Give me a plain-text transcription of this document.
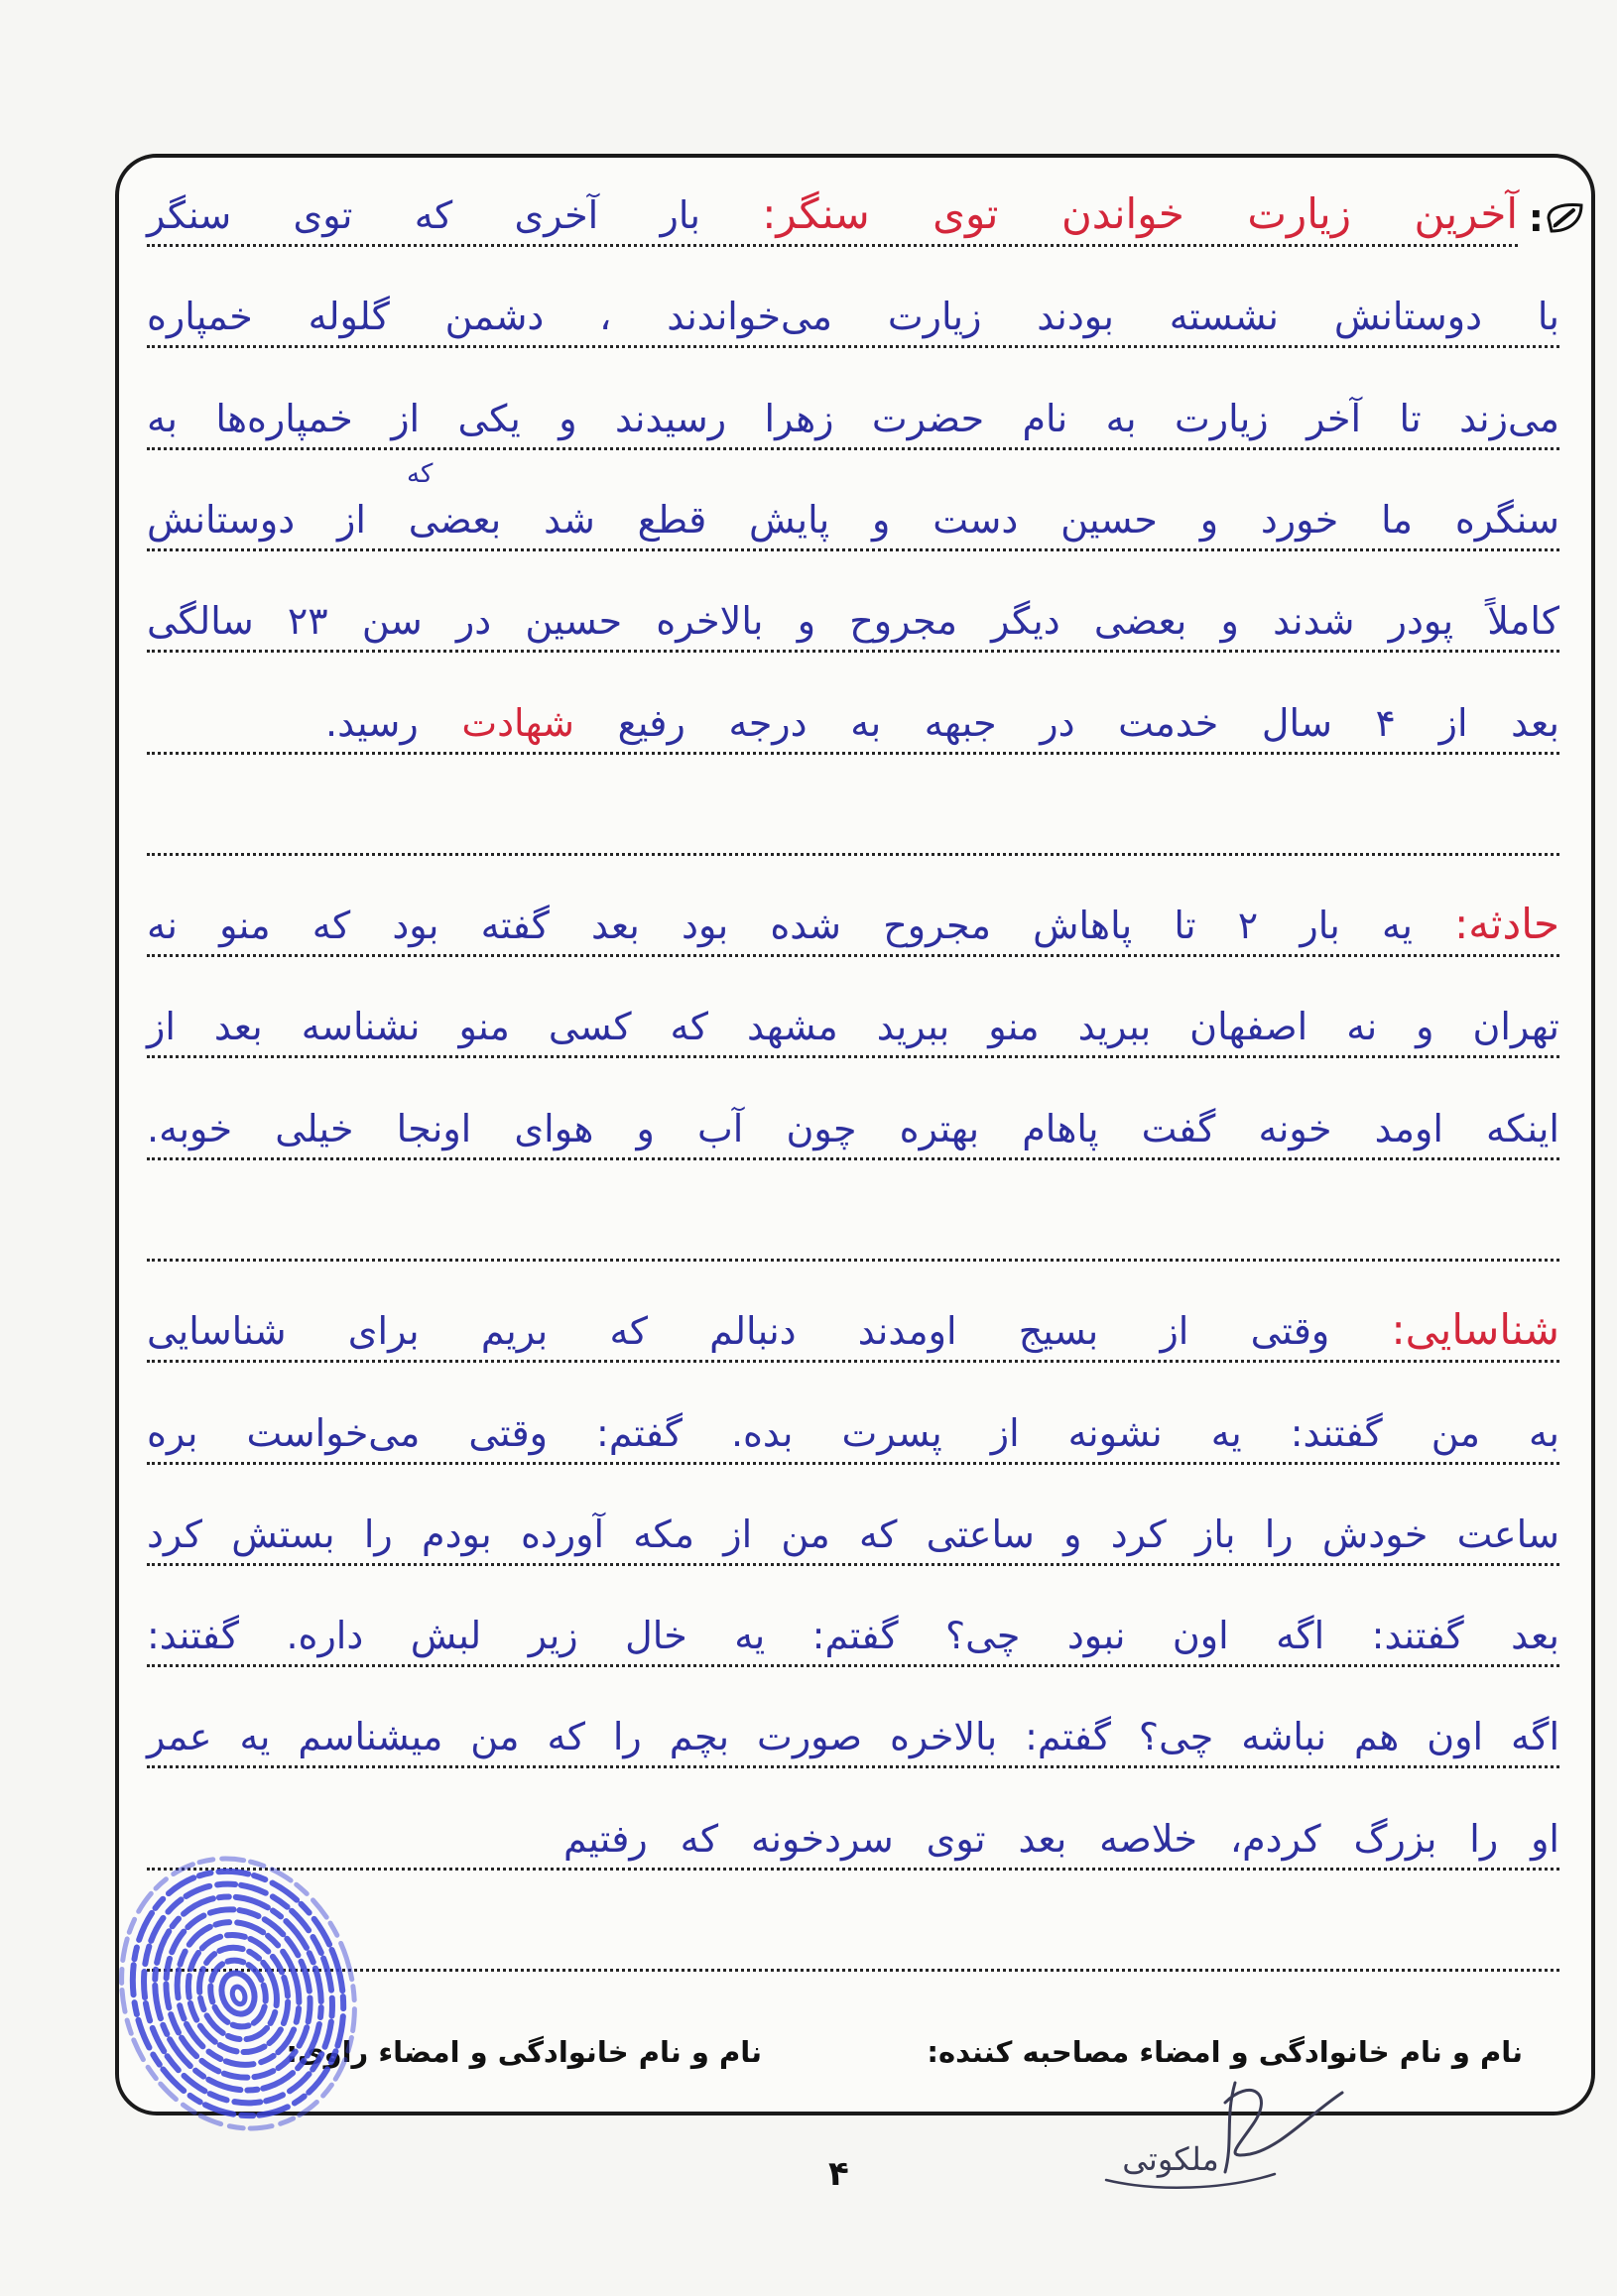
:
آخرین زیارت خواندن توی سنگر: بار آخری که توی سنگر
با دوستانش نشسته بودند زیارت می‌خواندند ، دشمن گلوله خمپاره
می‌زند تا آخر زیارت به نام حضرت زهرا رسیدند و یکی از خمپاره‌ها به
که
سنگره ما خورد و حسین دست و پایش قطع شد بعضی از دوستانش
کاملاً پودر شدند و بعضی دیگر مجروح و بالاخره حسین در سن ۲۳ سالگی
بعد از ۴ سال خدمت در جبهه به درجه رفیع شهادت رسید.
حادثه: یه بار ۲ تا پاهاش مجروح شده بود بعد گفته بود که منو نه
تهران و نه اصفهان ببرید منو ببرید مشهد که کسی منو نشناسه بعد از
اینکه اومد خونه گفت پاهام بهتره چون آب و هوای اونجا خیلی خوبه.
شناسایی: وقتی از بسیج اومدند دنبالم که بریم برای شناسایی
به من گفتند: یه نشونه از پسرت بده. گفتم: وقتی می‌خواست بره
ساعت خودش را باز کرد و ساعتی که من از مکه آورده بودم را بستش کرد
بعد گفتند: اگه اون نبود چی؟ گفتم: یه خال زیر لبش داره. گفتند:
اگه اون هم نباشه چی؟ گفتم: بالاخره صورت بچم را که من میشناسم یه عمر
او را بزرگ کردم، خلاصه بعد توی سردخونه که رفتیم
نام و نام خانوادگی و امضاء مصاحبه کننده:
نام و نام خانوادگی و امضاء راوی:
ملکوتی
۴
